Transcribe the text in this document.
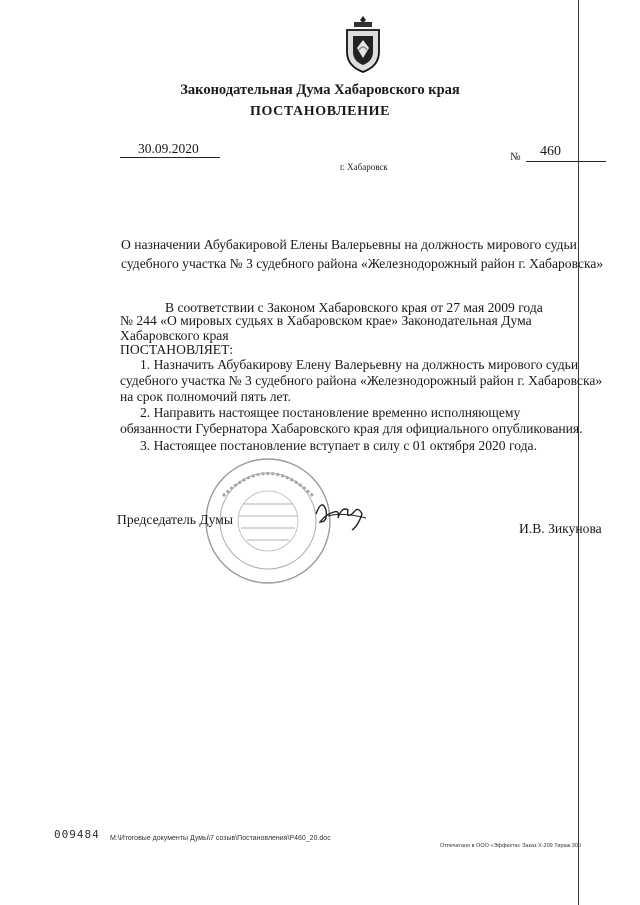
Законодательная Дума Хабаровского края
ПОСТАНОВЛЕНИЕ
30.09.2020
г. Хабаровск
№ 460
О назначении Абубакировой Елены Валерьевны на должность мирового судьи
судебного участка № 3 судебного района «Железнодорожный район г. Хабаровска»
В соответствии с Законом Хабаровского края от 27 мая 2009 года
№ 244 «О мировых судьях в Хабаровском крае» Законодательная Дума
Хабаровского края
ПОСТАНОВЛЯЕТ:
1. Назначить Абубакирову Елену Валерьевну на должность мирового судьи
судебного участка № 3 судебного района «Железнодорожный район г. Хабаровска»
на срок полномочий пять лет.
2. Направить настоящее постановление временно исполняющему
обязанности Губернатора Хабаровского края для официального опубликования.
3. Настоящее постановление вступает в силу с 01 октября 2020 года.
Председатель Думы
И.В. Зикунова
009484 M:\Итоговые документы Думы\7 созыв\Постановления\Р460_20.doc
Отпечатано в ООО «Эффекта» Заказ Х-209 Тираж 300
